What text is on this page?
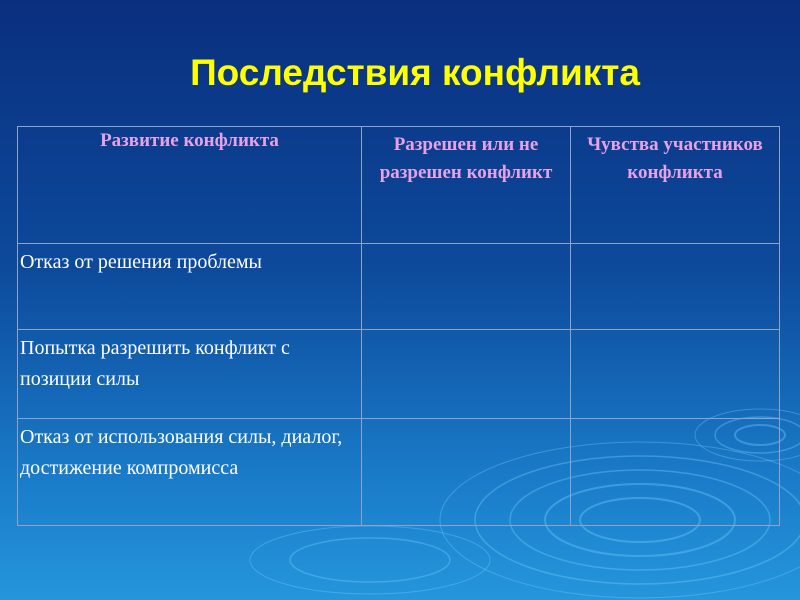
Последствия конфликта
Развитие конфликта	Разрешен или не разрешен конфликт	Чувства участников конфликта
Отказ от решения проблемы		
Попытка разрешить конфликт с позиции силы		
Отказ от использования силы, диалог, достижение компромисса		
